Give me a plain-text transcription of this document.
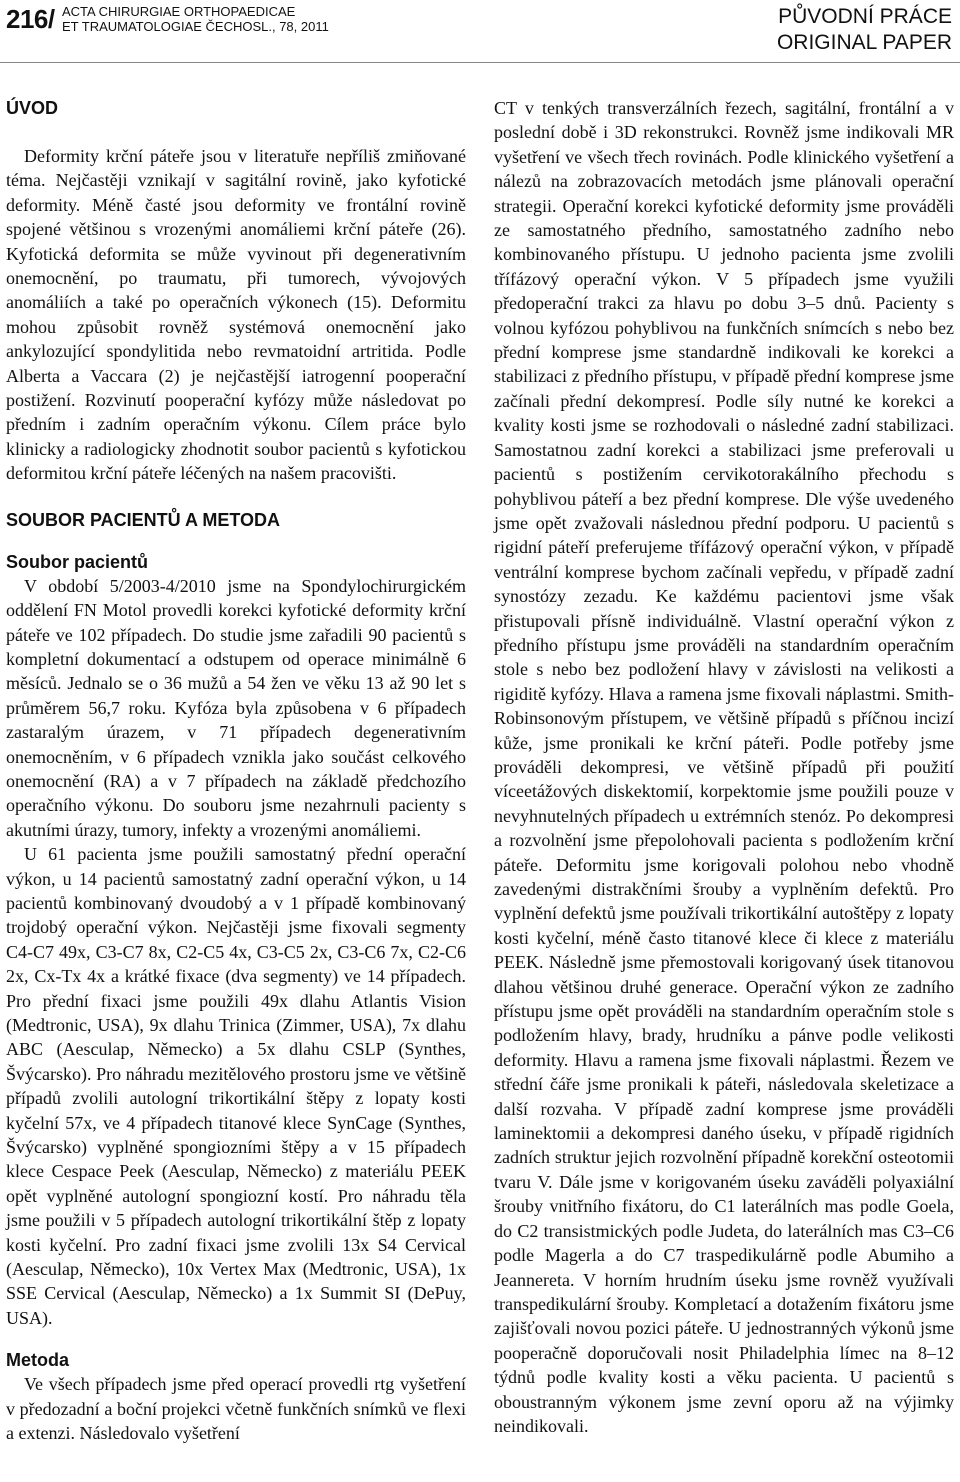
216/ ACTA CHIRURGIAE ORTHOPAEDICAE
ET TRAUMATOLOGIAE ČECHOSL., 78, 2011	PŮVODNÍ PRÁCE
ORIGINAL PAPER
ÚVOD

Deformity krční páteře jsou v literatuře nepříliš zmiňované téma. Nejčastěji vznikají v sagitální rovině, jako kyfotické deformity. Méně časté jsou deformity ve frontální rovině spojené většinou s vrozenými anomáliemi krční páteře (26). Kyfotická deformita se může vyvinout při degenerativním onemocnění, po traumatu, při tumorech, vývojových anomáliích a také po operačních výkonech (15). Deformitu mohou způsobit rovněž systémová onemocnění jako ankylozující spondylitida nebo revmatoidní artritida. Podle Alberta a Vaccara (2) je nejčastější iatrogenní pooperační postižení. Rozvinutí pooperační kyfózy může následovat po předním i zadním operačním výkonu. Cílem práce bylo klinicky a radiologicky zhodnotit soubor pacientů s kyfotickou deformitou krční páteře léčených na našem pracovišti.

SOUBOR PACIENTŮ A METODA
Soubor pacientů

V období 5/2003-4/2010 jsme na Spondylochirurgickém oddělení FN Motol provedli korekci kyfotické deformity krční páteře ve 102 případech. Do studie jsme zařadili 90 pacientů s kompletní dokumentací a odstupem od operace minimálně 6 měsíců. Jednalo se o 36 mužů a 54 žen ve věku 13 až 90 let s průměrem 56,7 roku. Kyfóza byla způsobena v 6 případech zastaralým úrazem, v 71 případech degenerativním onemocněním, v 6 případech vznikla jako součást celkového onemocnění (RA) a v 7 případech na základě předchozího operačního výkonu. Do souboru jsme nezahrnuli pacienty s akutními úrazy, tumory, infekty a vrozenými anomáliemi.

U 61 pacienta jsme použili samostatný přední operační výkon, u 14 pacientů samostatný zadní operační výkon, u 14 pacientů kombinovaný dvoudobý a v 1 případě kombinovaný trojdobý operační výkon. Nejčastěji jsme fixovali segmenty C4-C7 49x, C3-C7 8x, C2-C5 4x, C3-C5 2x, C3-C6 7x, C2-C6 2x, Cx-Tx 4x a krátké fixace (dva segmenty) ve 14 případech. Pro přední fixaci jsme použili 49x dlahu Atlantis Vision (Medtronic, USA), 9x dlahu Trinica (Zimmer, USA), 7x dlahu ABC (Aesculap, Německo) a 5x dlahu CSLP (Synthes, Švýcarsko). Pro náhradu mezitělového prostoru jsme ve většině případů zvolili autologní trikortikální štěpy z lopaty kosti kyčelní 57x, ve 4 případech titanové klece SynCage (Synthes, Švýcarsko) vyplněné spongiozními štěpy a v 15 případech klece Cespace Peek (Aesculap, Německo) z materiálu PEEK opět vyplněné autologní spongiozní kostí. Pro náhradu těla jsme použili v 5 případech autologní trikortikální štěp z lopaty kosti kyčelní. Pro zadní fixaci jsme zvolili 13x S4 Cervical (Aesculap, Německo), 10x Vertex Max (Medtronic, USA), 1x SSE Cervical (Aesculap, Německo) a 1x Summit SI (DePuy, USA).

Metoda

Ve všech případech jsme před operací provedli rtg vyšetření v předozadní a boční projekci včetně funkčních snímků ve flexi a extenzi. Následovalo vyšetření

CT v tenkých transverzálních řezech, sagitální, frontální a v poslední době i 3D rekonstrukci. Rovněž jsme indikovali MR vyšetření ve všech třech rovinách. Podle klinického vyšetření a nálezů na zobrazovacích metodách jsme plánovali operační strategii. Operační korekci kyfotické deformity jsme prováděli ze samostatného předního, samostatného zadního nebo kombinovaného přístupu. U jednoho pacienta jsme zvolili třífázový operační výkon. V 5 případech jsme využili předoperační trakci za hlavu po dobu 3–5 dnů. Pacienty s volnou kyfózou pohyblivou na funkčních snímcích s nebo bez přední komprese jsme standardně indikovali ke korekci a stabilizaci z předního přístupu, v případě přední komprese jsme začínali přední dekompresí. Podle síly nutné ke korekci a kvality kosti jsme se rozhodovali o následné zadní stabilizaci. Samostatnou zadní korekci a stabilizaci jsme preferovali u pacientů s postižením cervikotorakálního přechodu s pohyblivou páteří a bez přední komprese. Dle výše uvedeného jsme opět zvažovali následnou přední podporu. U pacientů s rigidní páteří preferujeme třífázový operační výkon, v případě ventrální komprese bychom začínali vepředu, v případě zadní synostózy zezadu. Ke každému pacientovi jsme však přistupovali přísně individuálně. Vlastní operační výkon z předního přístupu jsme prováděli na standardním operačním stole s nebo bez podložení hlavy v závislosti na velikosti a rigiditě kyfózy. Hlava a ramena jsme fixovali náplastmi. Smith-Robinsonovým přístupem, ve většině případů s příčnou incizí kůže, jsme pronikali ke krční páteři. Podle potřeby jsme prováděli dekompresi, ve většině případů při použití víceetážových diskektomií, korpektomie jsme použili pouze v nevyhnutelných případech u extrémních stenóz. Po dekompresi a rozvolnění jsme přepolohovali pacienta s podložením krční páteře. Deformitu jsme korigovali polohou nebo vhodně zavedenými distrakčními šrouby a vyplněním defektů. Pro vyplnění defektů jsme používali trikortikální autoštěpy z lopaty kosti kyčelní, méně často titanové klece či klece z materiálu PEEK. Následně jsme přemostovali korigovaný úsek titanovou dlahou většinou druhé generace. Operační výkon ze zadního přístupu jsme opět prováděli na standardním operačním stole s podložením hlavy, brady, hrudníku a pánve podle velikosti deformity. Hlavu a ramena jsme fixovali náplastmi. Řezem ve střední čáře jsme pronikali k páteři, následovala skeletizace a další rozvaha. V případě zadní komprese jsme prováděli laminektomii a dekompresi daného úseku, v případě rigidních zadních struktur jejich rozvolnění případně korekční osteotomii tvaru V. Dále jsme v korigovaném úseku zaváděli polyaxiální šrouby vnitřního fixátoru, do C1 laterálních mas podle Goela, do C2 transistmických podle Judeta, do laterálních mas C3–C6 podle Magerla a do C7 traspedikulárně podle Abumiho a Jeannereta. V horním hrudním úseku jsme rovněž využívali transpedikulární šrouby. Kompletací a dotažením fixátoru jsme zajišťovali novou pozici páteře. U jednostranných výkonů jsme pooperačně doporučovali nosit Philadelphia límec na 8–12 týdnů podle kvality kosti a věku pacienta. U pacientů s oboustranným výkonem jsme zevní oporu až na výjimky neindikovali.
